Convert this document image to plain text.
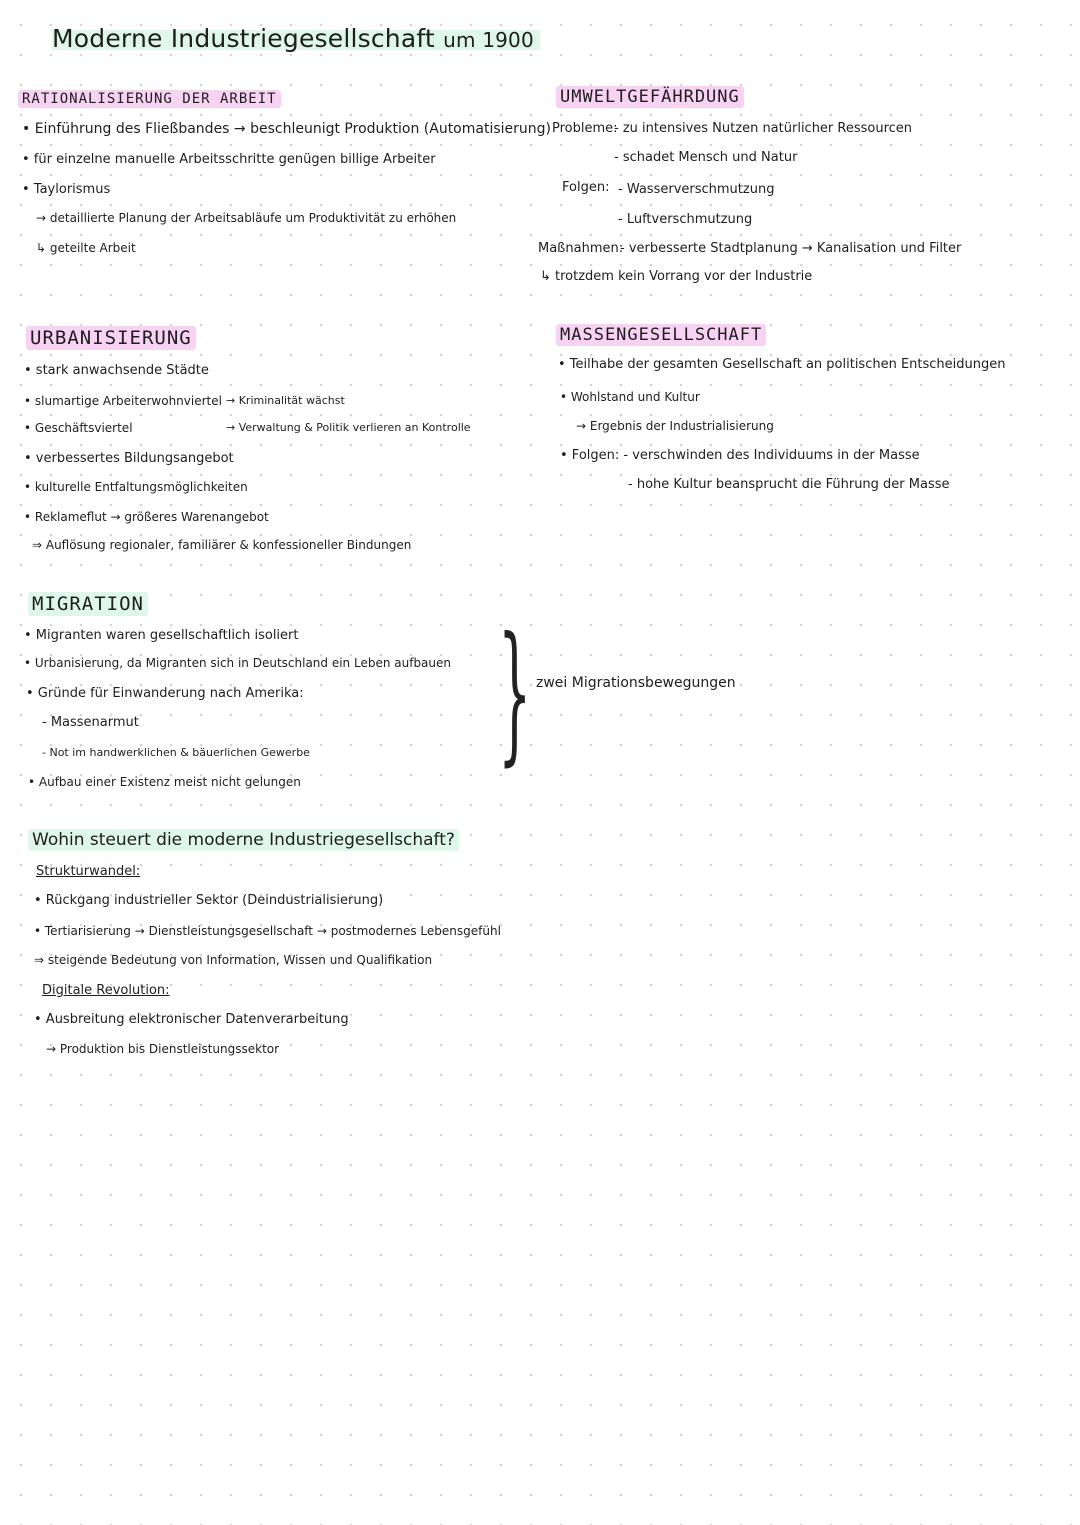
Moderne Industriegesellschaft um 1900
RATIONALISIERUNG DER ARBEIT
• Einführung des Fließbandes → beschleunigt Produktion (Automatisierung)
• für einzelne manuelle Arbeitsschritte genügen billige Arbeiter
• Taylorismus
→ detaillierte Planung der Arbeitsabläufe um Produktivität zu erhöhen
↳ geteilte Arbeit
UMWELTGEFÄHRDUNG
Probleme:
- zu intensives Nutzen natürlicher Ressourcen
- schadet Mensch und Natur
Folgen: - Wasserverschmutzung
- Luftverschmutzung
Maßnahmen:
- verbesserte Stadtplanung → Kanalisation und Filter
↳ trotzdem kein Vorrang vor der Industrie
URBANISIERUNG
• stark anwachsende Städte
• slumartige Arbeiterwohnviertel
• Geschäftsviertel
→ Kriminalität wächst
→ Verwaltung & Politik verlieren an Kontrolle
• verbessertes Bildungsangebot
• kulturelle Entfaltungsmöglichkeiten
• Reklameflut → größeres Warenangebot
⇒ Auflösung regionaler, familiärer & konfessioneller Bindungen
MASSENGESELLSCHAFT
• Teilhabe der gesamten Gesellschaft an politischen Entscheidungen
• Wohlstand und Kultur
→ Ergebnis der Industrialisierung
• Folgen: - verschwinden des Individuums in der Masse
- hohe Kultur beansprucht die Führung der Masse
MIGRATION
• Migranten waren gesellschaftlich isoliert
• Urbanisierung, da Migranten sich in Deutschland ein Leben aufbauen
• Gründe für Einwanderung nach Amerika:
- Massenarmut
- Not im handwerklichen & bäuerlichen Gewerbe
• Aufbau einer Existenz meist nicht gelungen
} zwei Migrationsbewegungen
Wohin steuert die moderne Industriegesellschaft?
Strukturwandel:
• Rückgang industrieller Sektor (Deindustrialisierung)
• Tertiarisierung → Dienstleistungsgesellschaft → postmodernes Lebensgefühl
⇒ steigende Bedeutung von Information, Wissen und Qualifikation
Digitale Revolution:
• Ausbreitung elektronischer Datenverarbeitung
→ Produktion bis Dienstleistungssektor
